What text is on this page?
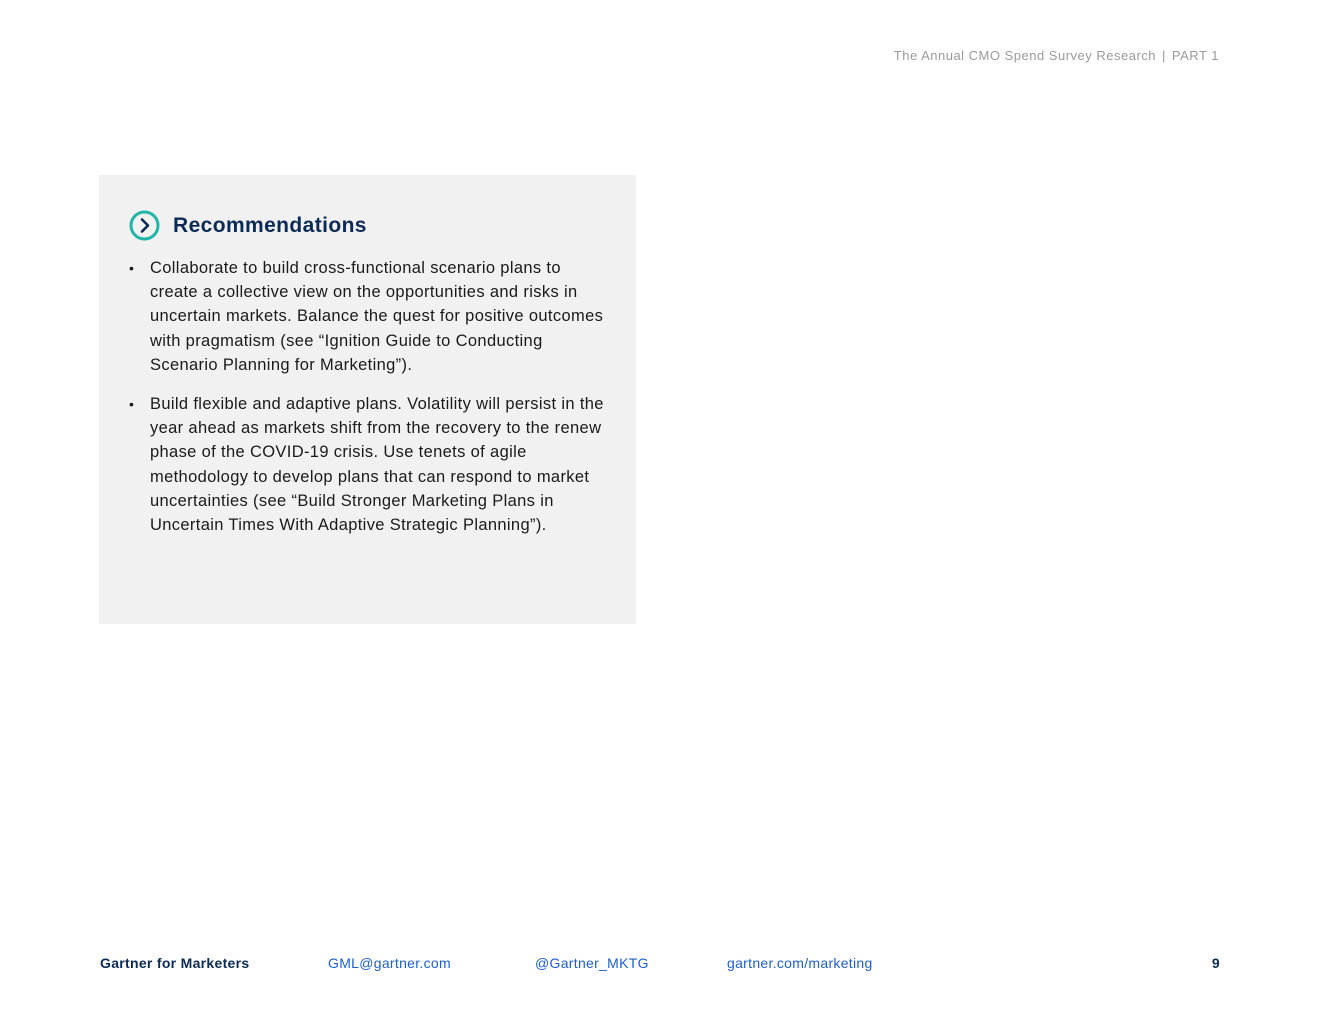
The Annual CMO Spend Survey Research | PART 1
Recommendations
• Collaborate to build cross-functional scenario plans to create a collective view on the opportunities and risks in uncertain markets. Balance the quest for positive outcomes with pragmatism (see “Ignition Guide to Conducting Scenario Planning for Marketing”).
• Build flexible and adaptive plans. Volatility will persist in the year ahead as markets shift from the recovery to the renew phase of the COVID-19 crisis. Use tenets of agile methodology to develop plans that can respond to market uncertainties (see “Build Stronger Marketing Plans in Uncertain Times With Adaptive Strategic Planning”).
Gartner for Marketers	GML@gartner.com	@Gartner_MKTG	gartner.com/marketing	9
